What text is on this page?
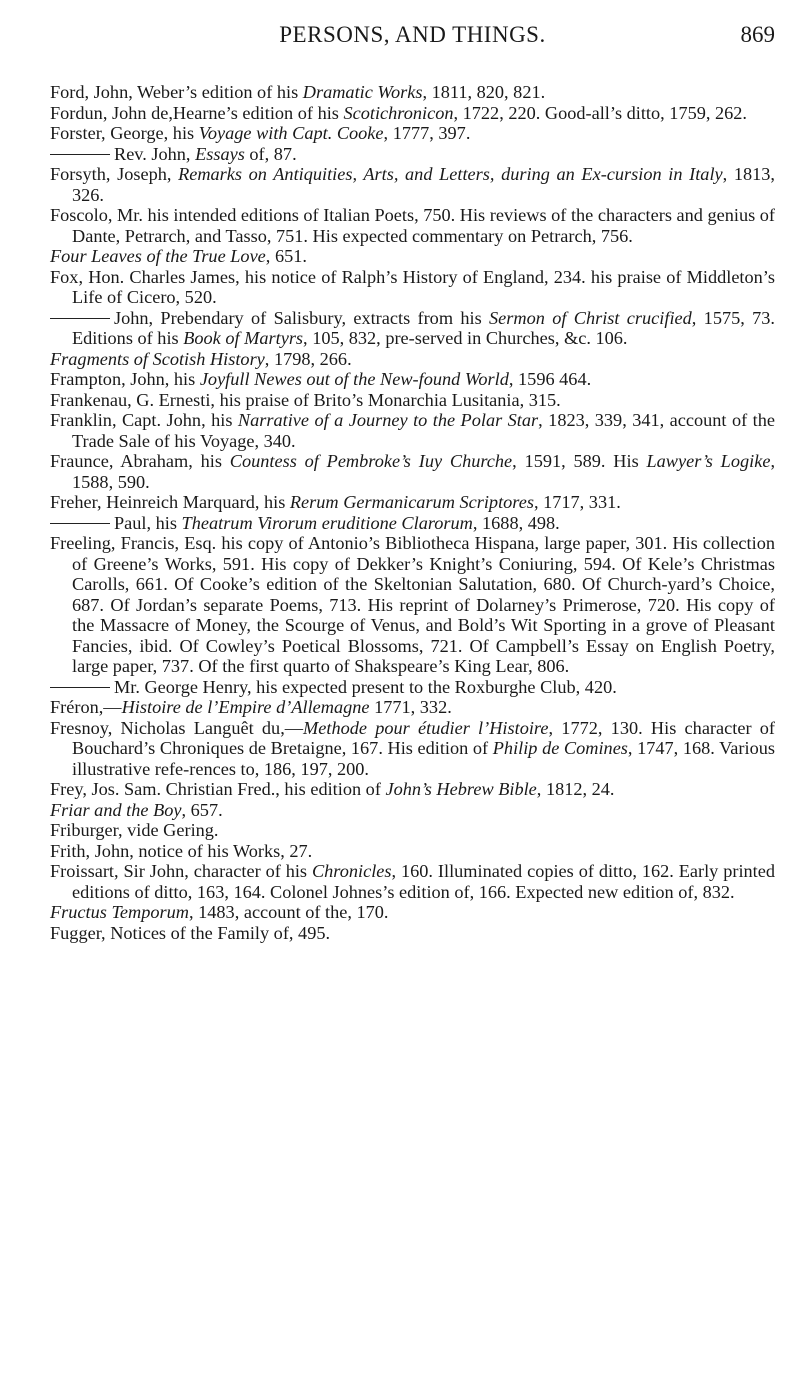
PERSONS, AND THINGS.	869

Ford, John, Weber’s edition of his Dramatic Works, 1811, 820, 821.

Fordun, John de,Hearne’s edition of his Scotichronicon, 1722, 220. Good-all’s ditto, 1759, 262.

Forster, George, his Voyage with Capt. Cooke, 1777, 397.

Rev. John, Essays of, 87.

Forsyth, Joseph, Remarks on Antiquities, Arts, and Letters, during an Ex-cursion in Italy, 1813, 326.

Foscolo, Mr. his intended editions of Italian Poets, 750. His reviews of the characters and genius of Dante, Petrarch, and Tasso, 751. His expected commentary on Petrarch, 756.

Four Leaves of the True Love, 651.

Fox, Hon. Charles James, his notice of Ralph’s History of England, 234. his praise of Middleton’s Life of Cicero, 520.

John, Prebendary of Salisbury, extracts from his Sermon of Christ crucified, 1575, 73. Editions of his Book of Martyrs, 105, 832, pre-served in Churches, &c. 106.

Fragments of Scotish History, 1798, 266.

Frampton, John, his Joyfull Newes out of the New-found World, 1596 464.

Frankenau, G. Ernesti, his praise of Brito’s Monarchia Lusitania, 315.

Franklin, Capt. John, his Narrative of a Journey to the Polar Star, 1823, 339, 341, account of the Trade Sale of his Voyage, 340.

Fraunce, Abraham, his Countess of Pembroke’s Iuy Churche, 1591, 589. His Lawyer’s Logike, 1588, 590.

Freher, Heinreich Marquard, his Rerum Germanicarum Scriptores, 1717, 331.

Paul, his Theatrum Virorum eruditione Clarorum, 1688, 498.

Freeling, Francis, Esq. his copy of Antonio’s Bibliotheca Hispana, large paper, 301. His collection of Greene’s Works, 591. His copy of Dekker’s Knight’s Coniuring, 594. Of Kele’s Christmas Carolls, 661. Of Cooke’s edition of the Skeltonian Salutation, 680. Of Church-yard’s Choice, 687. Of Jordan’s separate Poems, 713. His reprint of Dolarney’s Primerose, 720. His copy of the Massacre of Money, the Scourge of Venus, and Bold’s Wit Sporting in a grove of Pleasant Fancies, ibid. Of Cowley’s Poetical Blossoms, 721. Of Campbell’s Essay on English Poetry, large paper, 737. Of the first quarto of Shakspeare’s King Lear, 806.

Mr. George Henry, his expected present to the Roxburghe Club, 420.

Fréron,—Histoire de l’Empire d’Allemagne 1771, 332.

Fresnoy, Nicholas Languêt du,—Methode pour étudier l’Histoire, 1772, 130. His character of Bouchard’s Chroniques de Bretaigne, 167. His edition of Philip de Comines, 1747, 168. Various illustrative refe-rences to, 186, 197, 200.

Frey, Jos. Sam. Christian Fred., his edition of John’s Hebrew Bible, 1812, 24.

Friar and the Boy, 657.

Friburger, vide Gering.

Frith, John, notice of his Works, 27.

Froissart, Sir John, character of his Chronicles, 160. Illuminated copies of ditto, 162. Early printed editions of ditto, 163, 164. Colonel Johnes’s edition of, 166. Expected new edition of, 832.

Fructus Temporum, 1483, account of the, 170.

Fugger, Notices of the Family of, 495.
